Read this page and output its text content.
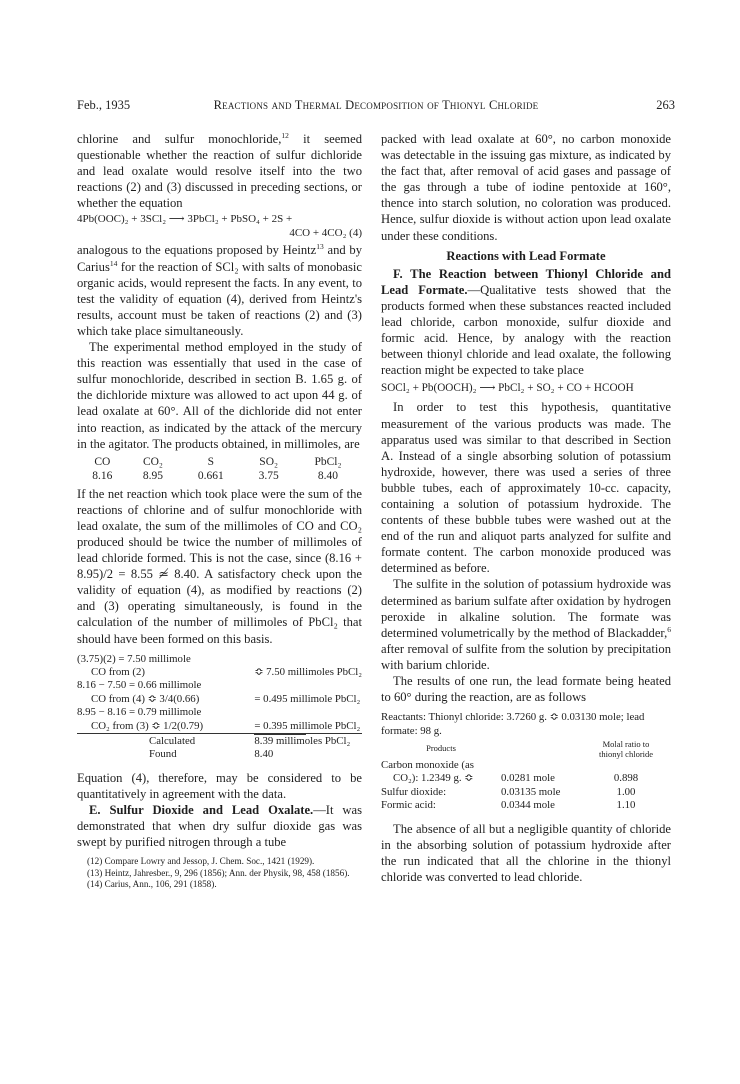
Feb., 1935	Reactions and Thermal Decomposition of Thionyl Chloride	263

chlorine and sulfur monochloride,$^{12}$ it seemed questionable whether the reaction of sulfur dichloride and lead oxalate would resolve itself into the two reactions (2) and (3) discussed in preceding sections, or whether the equation

4Pb(OOC)₂ + 3SCl₂ ⟶ 3PbCl₂ + PbSO₄ + 2S +
4CO + 4CO₂ (4)

analogous to the equations proposed by Heintz$^{13}$ and by Carius$^{14}$ for the reaction of SCl₂ with salts of monobasic organic acids, would represent the facts. In any event, to test the validity of equation (4), derived from Heintz's results, account must be taken of reactions (2) and (3) which take place simultaneously.

The experimental method employed in the study of this reaction was essentially that used in the case of sulfur monochloride, described in section B. 1.65 g. of the dichloride mixture was allowed to act upon 44 g. of lead oxalate at 60°. All of the dichloride did not enter into reaction, as indicated by the attack of the mercury in the agitator. The products obtained, in millimoles, are

CO	CO₂	S	SO₂	PbCl₂
8.16	8.95	0.661	3.75	8.40

If the net reaction which took place were the sum of the reactions of chlorine and of sulfur monochloride with lead oxalate, the sum of the millimoles of CO and CO₂ produced should be twice the number of millimoles of lead chloride formed. This is not the case, since (8.16 + 8.95)/2 = 8.55 ≄ 8.40. A satisfactory check upon the validity of equation (4), as modified by reactions (2) and (3) operating simultaneously, is found in the calculation of the number of millimoles of PbCl₂ that should have been formed on this basis.

(3.75)(2) = 7.50 millimole	
CO from (2)	≎ 7.50 millimoles PbCl₂
8.16 − 7.50 = 0.66 millimole	
CO from (4) ≎ 3/4(0.66)	= 0.495 millimole PbCl₂
8.95 − 8.16 = 0.79 millimole	
CO₂ from (3) ≎ 1/2(0.79)	= 0.395 millimole PbCl₂

Calculated	8.39 millimoles PbCl₂
Found	8.40

Equation (4), therefore, may be considered to be quantitatively in agreement with the data.

E. Sulfur Dioxide and Lead Oxalate.—It was demonstrated that when dry sulfur dioxide gas was swept by purified nitrogen through a tube

(12) Compare Lowry and Jessop, J. Chem. Soc., 1421 (1929).

(13) Heintz, Jahresber., 9, 296 (1856); Ann. der Physik, 98, 458 (1856).

(14) Carius, Ann., 106, 291 (1858).

packed with lead oxalate at 60°, no carbon monoxide was detectable in the issuing gas mixture, as indicated by the fact that, after removal of acid gases and passage of the gas through a tube of iodine pentoxide at 160°, thence into starch solution, no coloration was produced. Hence, sulfur dioxide is without action upon lead oxalate under these conditions.

Reactions with Lead Formate

F. The Reaction between Thionyl Chloride and Lead Formate.—Qualitative tests showed that the products formed when these substances reacted included lead chloride, carbon monoxide, sulfur dioxide and formic acid. Hence, by analogy with the reaction between thionyl chloride and lead oxalate, the following reaction might be expected to take place

SOCl₂ + Pb(OOCH)₂ ⟶ PbCl₂ + SO₂ + CO + HCOOH

In order to test this hypothesis, quantitative measurement of the various products was made. The apparatus used was similar to that described in Section A. Instead of a single absorbing solution of potassium hydroxide, however, there was used a series of three bubble tubes, each of approximately 10-cc. capacity, containing a solution of potassium hydroxide. The contents of these bubble tubes were washed out at the end of the run and aliquot parts analyzed for sulfite and formate content. The carbon monoxide produced was determined as before.

The sulfite in the solution of potassium hydroxide was determined as barium sulfate after oxidation by hydrogen peroxide in alkaline solution. The formate was determined volumetrically by the method of Blackadder,$^6$ after removal of sulfite from the solution by precipitation with barium chloride.

The results of one run, the lead formate being heated to 60° during the reaction, are as follows

Reactants: Thionyl chloride: 3.7260 g. ≎ 0.03130 mole; lead formate: 98 g.
Products		Molal ratio to
thionyl chloride
Carbon monoxide (as		
CO₂): 1.2349 g. ≎	0.0281 mole	0.898
Sulfur dioxide:	0.03135 mole	1.00
Formic acid:	0.0344 mole	1.10

The absence of all but a negligible quantity of chloride in the absorbing solution of potassium hydroxide after the run indicated that all the chlorine in the thionyl chloride was converted to lead chloride.
